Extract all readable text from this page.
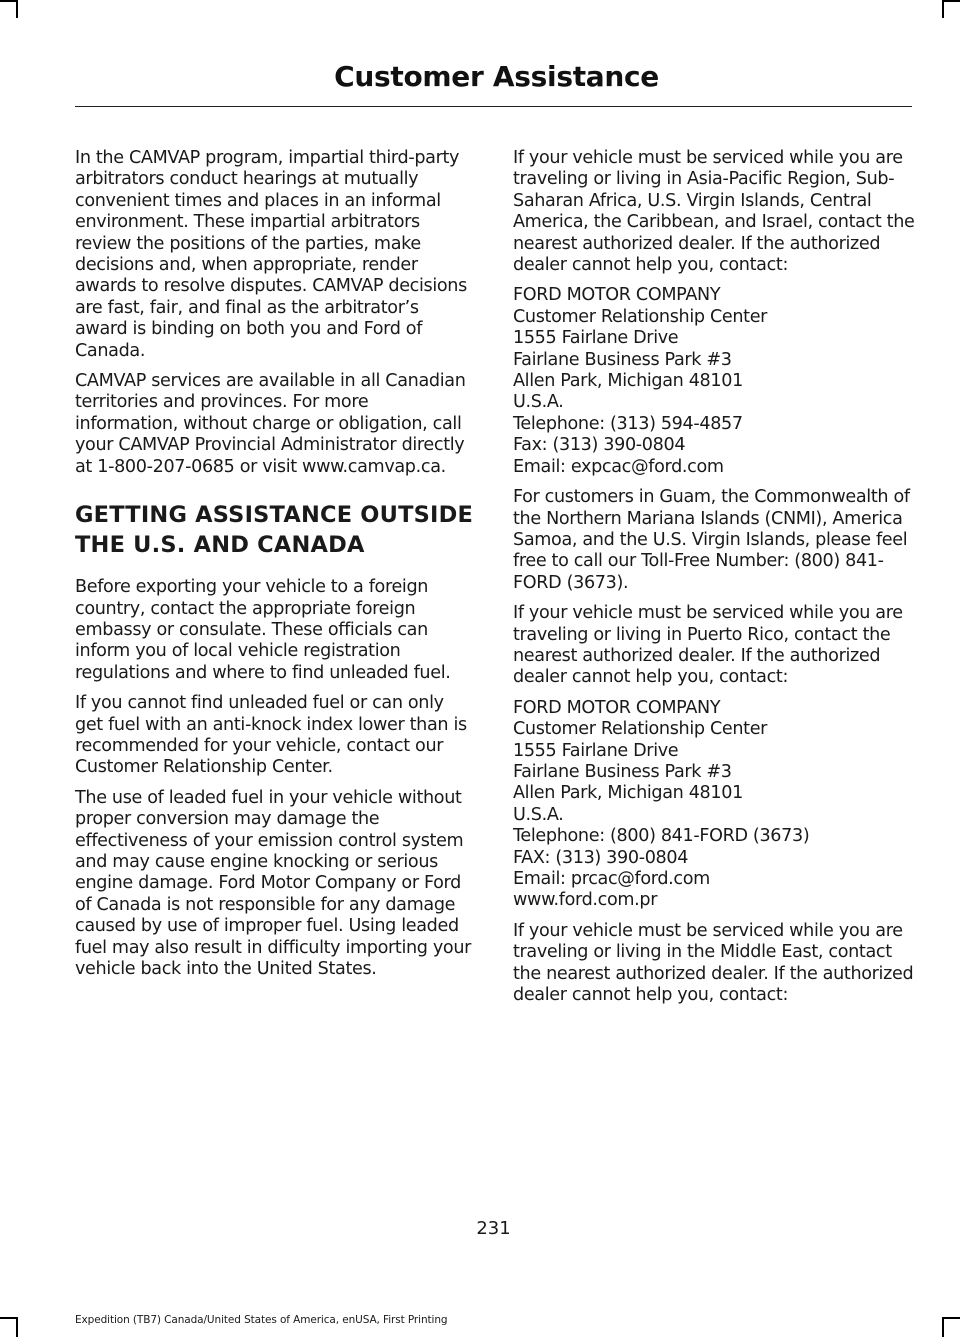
Customer Assistance

In the CAMVAP program, impartial third-party arbitrators conduct hearings at mutually convenient times and places in an informal environment. These impartial arbitrators review the positions of the parties, make decisions and, when appropriate, render awards to resolve disputes. CAMVAP decisions are fast, fair, and final as the arbitrator’s award is binding on both you and Ford of Canada.

CAMVAP services are available in all Canadian territories and provinces. For more information, without charge or obligation, call your CAMVAP Provincial Administrator directly at 1-800-207-0685 or visit www.camvap.ca.

GETTING ASSISTANCE OUTSIDE THE U.S. AND CANADA

Before exporting your vehicle to a foreign country, contact the appropriate foreign embassy or consulate. These officials can inform you of local vehicle registration regulations and where to find unleaded fuel.

If you cannot find unleaded fuel or can only get fuel with an anti-knock index lower than is recommended for your vehicle, contact our Customer Relationship Center.

The use of leaded fuel in your vehicle without proper conversion may damage the effectiveness of your emission control system and may cause engine knocking or serious engine damage. Ford Motor Company or Ford of Canada is not responsible for any damage caused by use of improper fuel. Using leaded fuel may also result in difficulty importing your vehicle back into the United States.

If your vehicle must be serviced while you are traveling or living in Asia-Pacific Region, Sub-Saharan Africa, U.S. Virgin Islands, Central America, the Caribbean, and Israel, contact the nearest authorized dealer. If the authorized dealer cannot help you, contact:

FORD MOTOR COMPANY
Customer Relationship Center
1555 Fairlane Drive
Fairlane Business Park #3
Allen Park, Michigan 48101
U.S.A.
Telephone: (313) 594-4857
Fax: (313) 390-0804
Email: expcac@ford.com

For customers in Guam, the Commonwealth of the Northern Mariana Islands (CNMI), America Samoa, and the U.S. Virgin Islands, please feel free to call our Toll-Free Number: (800) 841-FORD (3673).

If your vehicle must be serviced while you are traveling or living in Puerto Rico, contact the nearest authorized dealer. If the authorized dealer cannot help you, contact:

FORD MOTOR COMPANY
Customer Relationship Center
1555 Fairlane Drive
Fairlane Business Park #3
Allen Park, Michigan 48101
U.S.A.
Telephone: (800) 841-FORD (3673)
FAX: (313) 390-0804
Email: prcac@ford.com
www.ford.com.pr

If your vehicle must be serviced while you are traveling or living in the Middle East, contact the nearest authorized dealer. If the authorized dealer cannot help you, contact:

231
Expedition (TB7) Canada/United States of America, enUSA, First Printing
